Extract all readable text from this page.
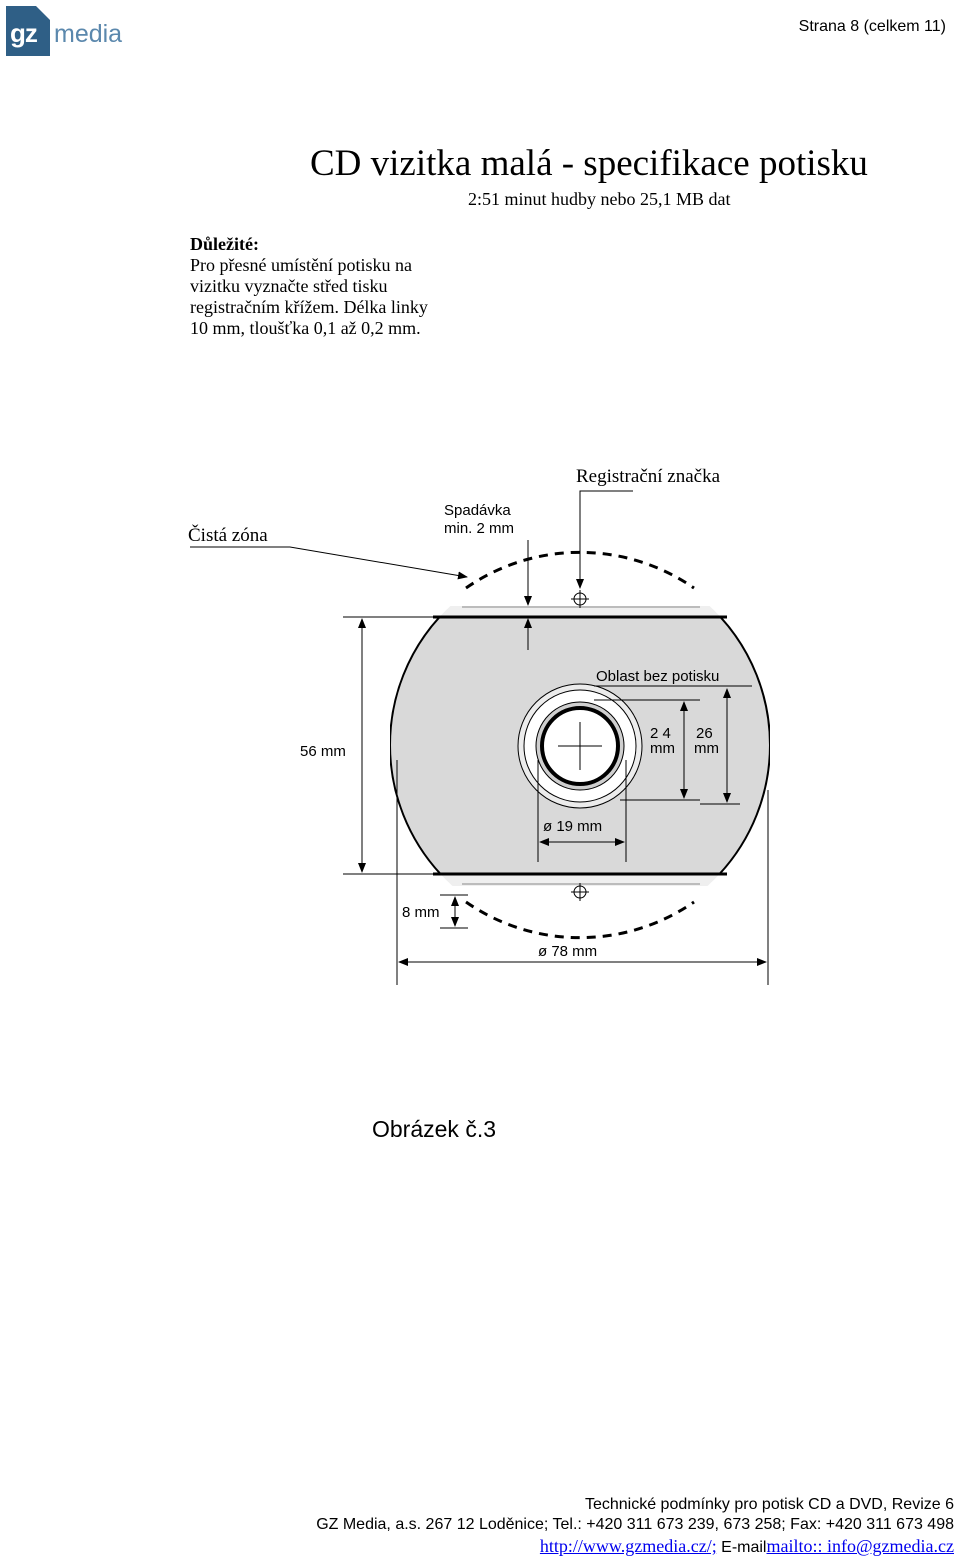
gz media	Strana 8 (celkem 11)
CD vizitka malá - specifikace potisku
2:51 minut hudby nebo 25,1 MB dat
Důležité:
Pro přesné umístění potisku na
vizitku vyznačte střed tisku
registračním křížem. Délka linky
10 mm, tloušťka 0,1 až 0,2 mm.
Registrační značka
Čistá zóna
Spadávka
min. 2 mm
Oblast bez potisku
2 4
mm
26
mm
ø 19 mm
56 mm
8 mm
ø 78 mm
Obrázek č.3
Technické podmínky pro potisk CD a DVD, Revize 6
GZ Media, a.s. 267 12 Loděnice; Tel.: +420 311 673 239, 673 258; Fax: +420 311 673 498
http://www.gzmedia.cz/; E-mailmailto:: info@gzmedia.cz
